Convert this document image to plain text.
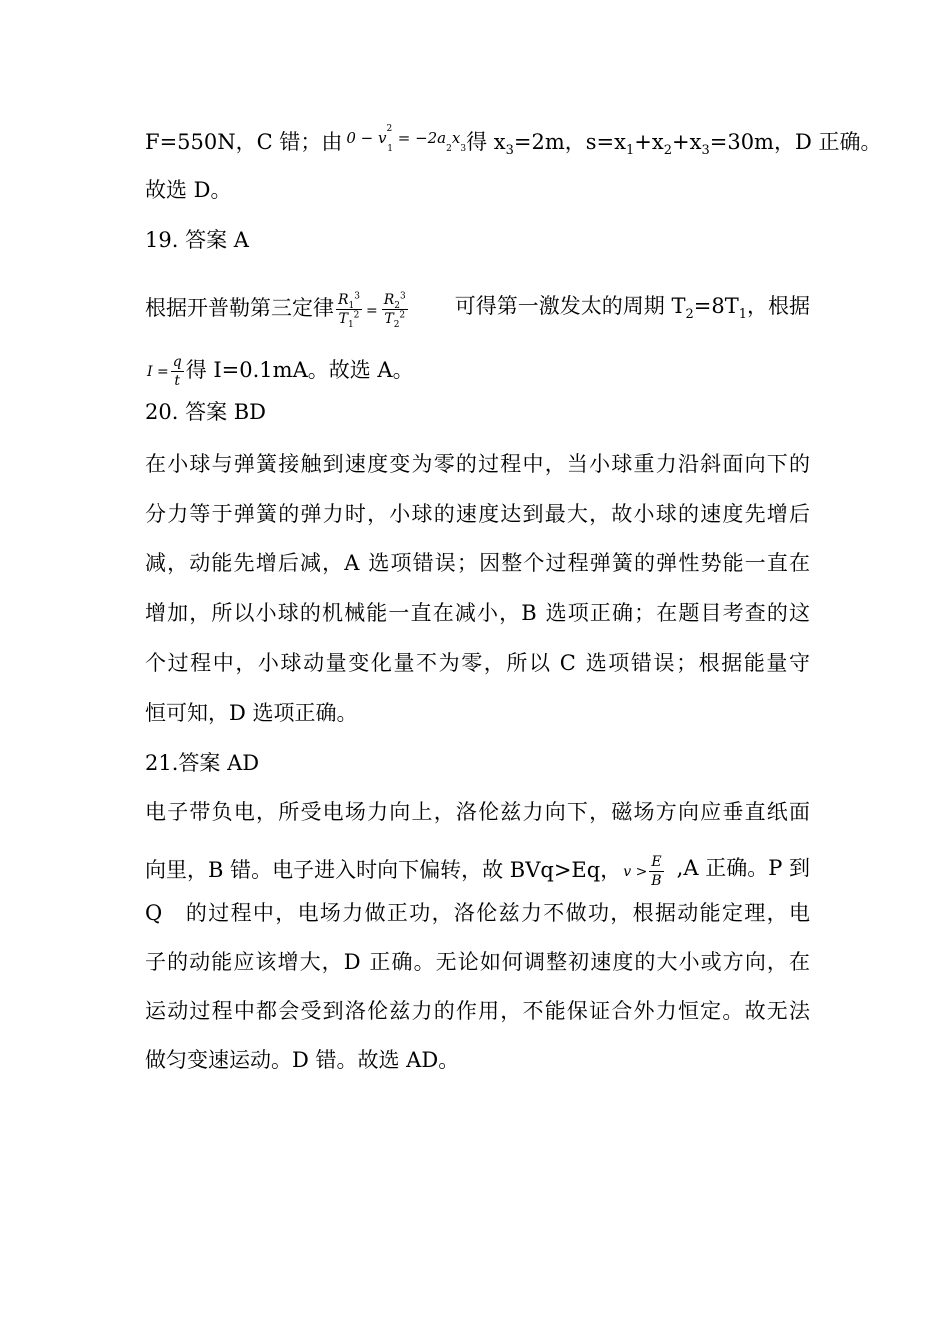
F=550N，C 错；由 $0 - v^2_1 = -2a_2x_3$ 得 $x_3=2m$，$s=x_1+x_2+x_3=30m$，D 正确。
故选 D。
19. 答案 A
根据开普勒第三定律 $\frac{R_1^3}{T_1^2} = \frac{R_2^3}{T_2^2}$ 可得第一激发太的周期 $T_2=8T_1$，根据
$I = \frac{q}{t}$ 得 I=0.1mA。故选 A。
20. 答案 BD
在小球与弹簧接触到速度变为零的过程中，当小球重力沿斜面向下的
分力等于弹簧的弹力时，小球的速度达到最大，故小球的速度先增后
减，动能先增后减，A 选项错误；因整个过程弹簧的弹性势能一直在
增加，所以小球的机械能一直在减小，B 选项正确；在题目考查的这
个过程中，小球动量变化量不为零，所以 C 选项错误；根据能量守
恒可知，D 选项正确。
21.答案 AD
电子带负电，所受电场力向上，洛伦兹力向下，磁场方向应垂直纸面
向里，B 错。电子进入时向下偏转，故 BVq>Eq， $v > \frac{E}{B} ,A$ 正确。P 到
Q　的过程中，电场力做正功，洛伦兹力不做功，根据动能定理，电
子的动能应该增大，D 正确。无论如何调整初速度的大小或方向，在
运动过程中都会受到洛伦兹力的作用，不能保证合外力恒定。故无法
做匀变速运动。D 错。故选 AD。
